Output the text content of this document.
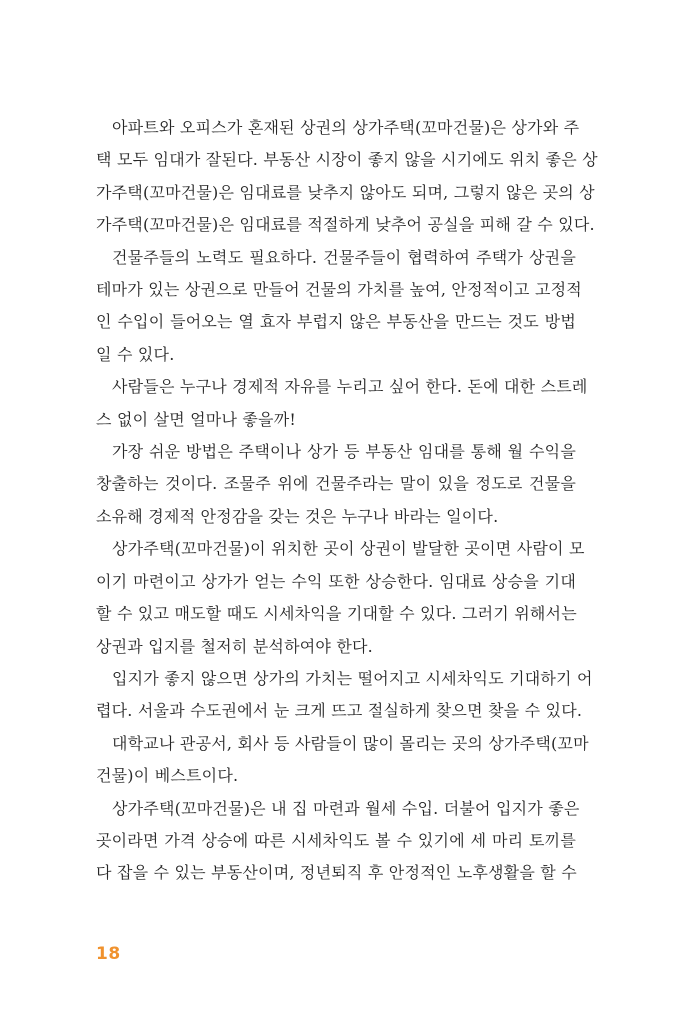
아파트와 오피스가 혼재된 상권의 상가주택(꼬마건물)은 상가와 주
택 모두 임대가 잘된다. 부동산 시장이 좋지 않을 시기에도 위치 좋은 상
가주택(꼬마건물)은 임대료를 낮추지 않아도 되며, 그렇지 않은 곳의 상
가주택(꼬마건물)은 임대료를 적절하게 낮추어 공실을 피해 갈 수 있다.

건물주들의 노력도 필요하다. 건물주들이 협력하여 주택가 상권을
테마가 있는 상권으로 만들어 건물의 가치를 높여, 안정적이고 고정적
인 수입이 들어오는 열 효자 부럽지 않은 부동산을 만드는 것도 방법
일 수 있다.

사람들은 누구나 경제적 자유를 누리고 싶어 한다. 돈에 대한 스트레
스 없이 살면 얼마나 좋을까!

가장 쉬운 방법은 주택이나 상가 등 부동산 임대를 통해 월 수익을
창출하는 것이다. 조물주 위에 건물주라는 말이 있을 정도로 건물을
소유해 경제적 안정감을 갖는 것은 누구나 바라는 일이다.

상가주택(꼬마건물)이 위치한 곳이 상권이 발달한 곳이면 사람이 모
이기 마련이고 상가가 얻는 수익 또한 상승한다. 임대료 상승을 기대
할 수 있고 매도할 때도 시세차익을 기대할 수 있다. 그러기 위해서는
상권과 입지를 철저히 분석하여야 한다.

입지가 좋지 않으면 상가의 가치는 떨어지고 시세차익도 기대하기 어
렵다. 서울과 수도권에서 눈 크게 뜨고 절실하게 찾으면 찾을 수 있다.

대학교나 관공서, 회사 등 사람들이 많이 몰리는 곳의 상가주택(꼬마
건물)이 베스트이다.

상가주택(꼬마건물)은 내 집 마련과 월세 수입. 더불어 입지가 좋은
곳이라면 가격 상승에 따른 시세차익도 볼 수 있기에 세 마리 토끼를
다 잡을 수 있는 부동산이며, 정년퇴직 후 안정적인 노후생활을 할 수

18
